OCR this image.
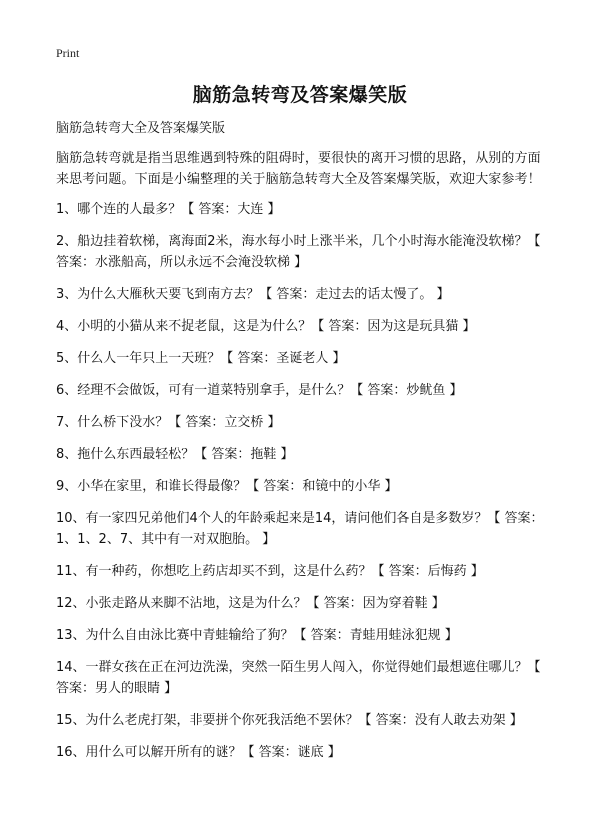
Print
脑筋急转弯及答案爆笑版

脑筋急转弯大全及答案爆笑版

脑筋急转弯就是指当思维遇到特殊的阻碍时，要很快的离开习惯的思路，从别的方面来思考问题。下面是小编整理的关于脑筋急转弯大全及答案爆笑版，欢迎大家参考！

1、哪个连的人最多？【 答案：大连 】
2、船边挂着软梯，离海面2米，海水每小时上涨半米，几个小时海水能淹没软梯？【 答案：水涨船高，所以永远不会淹没软梯 】
3、为什么大雁秋天要飞到南方去？【 答案：走过去的话太慢了。 】
4、小明的小猫从来不捉老鼠，这是为什么？【 答案：因为这是玩具猫 】
5、什么人一年只上一天班？【 答案：圣诞老人 】
6、经理不会做饭，可有一道菜特别拿手，是什么？【 答案：炒鱿鱼 】
7、什么桥下没水？【 答案：立交桥 】
8、拖什么东西最轻松？【 答案：拖鞋 】
9、小华在家里，和谁长得最像？【 答案：和镜中的小华 】
10、有一家四兄弟他们4个人的年龄乘起来是14，请问他们各自是多数岁？【 答案：1、1、2、7、其中有一对双胞胎。 】
11、有一种药，你想吃上药店却买不到，这是什么药？【 答案：后悔药 】
12、小张走路从来脚不沾地，这是为什么？【 答案：因为穿着鞋 】
13、为什么自由泳比赛中青蛙输给了狗？【 答案：青蛙用蛙泳犯规 】
14、一群女孩在正在河边洗澡，突然一陌生男人闯入，你觉得她们最想遮住哪儿？【 答案：男人的眼睛 】
15、为什么老虎打架，非要拼个你死我活绝不罢休？【 答案：没有人敢去劝架 】
16、用什么可以解开所有的谜？【 答案：谜底 】
